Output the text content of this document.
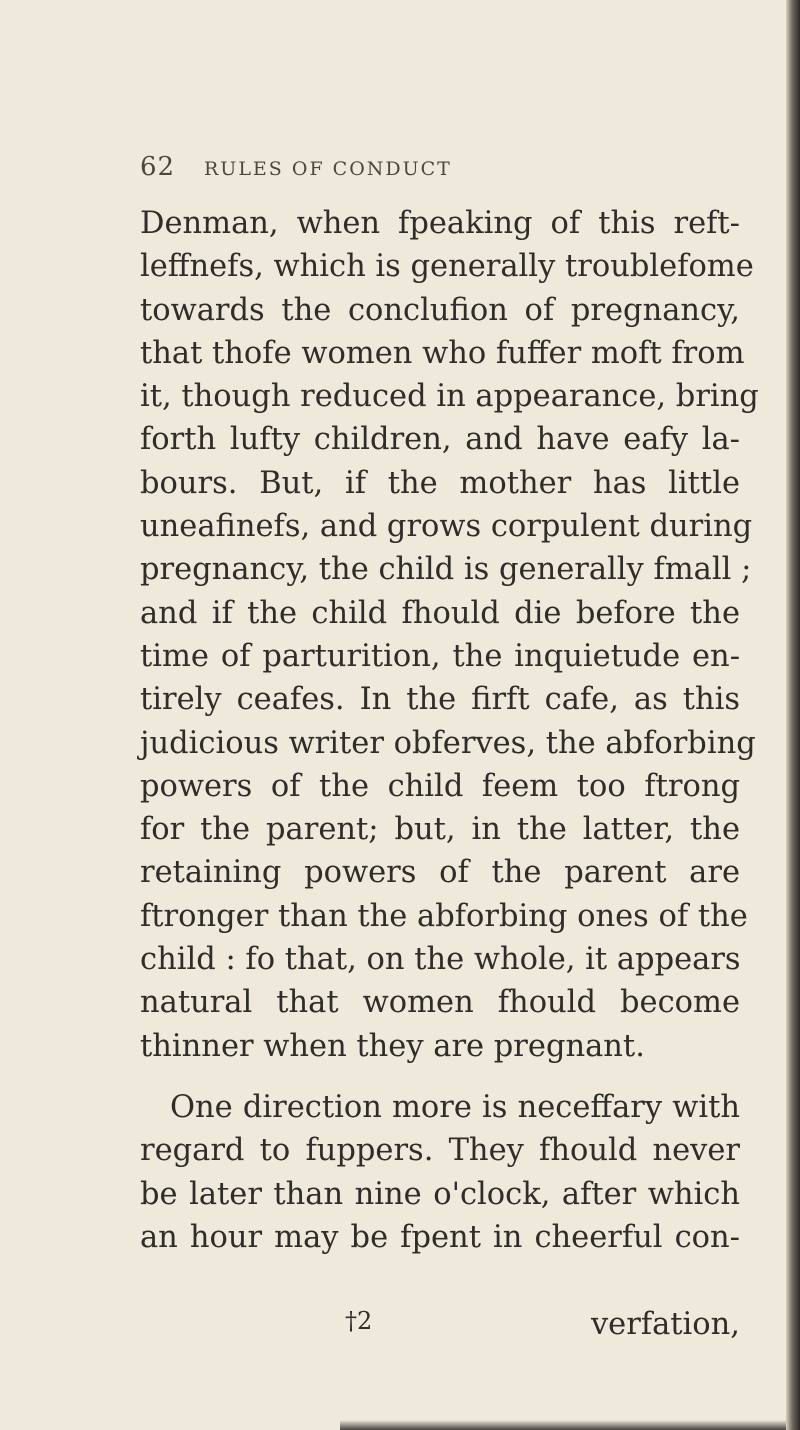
62 RULES OF CONDUCT
Denman, when fpeaking of this reft-
leffnefs, which is generally troublefome
towards the conclufion of pregnancy,
that thofe women who fuffer moft from
it, though reduced in appearance, bring
forth lufty children, and have eafy la-
bours. But, if the mother has little
uneafinefs, and grows corpulent during
pregnancy, the child is generally fmall ;
and if the child fhould die before the
time of parturition, the inquietude en-
tirely ceafes. In the firft cafe, as this
judicious writer obferves, the abforbing
powers of the child feem too ftrong
for the parent; but, in the latter, the
retaining powers of the parent are
ftronger than the abforbing ones of the
child : fo that, on the whole, it appears
natural that women fhould become
thinner when they are pregnant.
One direction more is neceffary with
regard to fuppers. They fhould never
be later than nine o'clock, after which
an hour may be fpent in cheerful con-
†2	verfation,
